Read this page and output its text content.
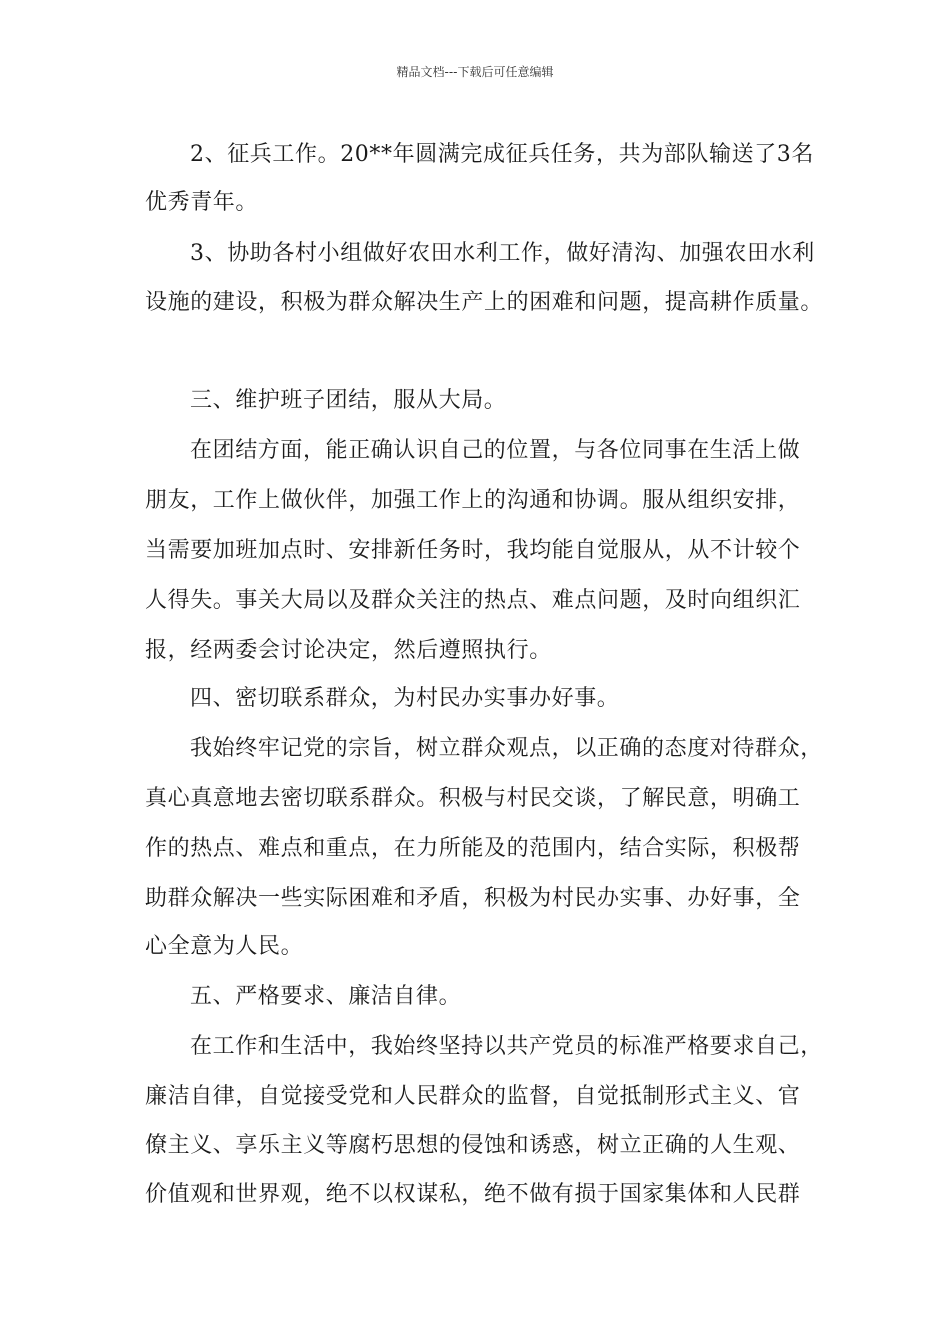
精品文档---下载后可任意编辑
2、征兵工作。20**年圆满完成征兵任务，共为部队输送了3名
优秀青年。
3、协助各村小组做好农田水利工作，做好清沟、加强农田水利
设施的建设，积极为群众解决生产上的困难和问题，提高耕作质量。
三、维护班子团结，服从大局。
在团结方面，能正确认识自己的位置，与各位同事在生活上做
朋友，工作上做伙伴，加强工作上的沟通和协调。服从组织安排，
当需要加班加点时、安排新任务时，我均能自觉服从，从不计较个
人得失。事关大局以及群众关注的热点、难点问题，及时向组织汇
报，经两委会讨论决定，然后遵照执行。
四、密切联系群众，为村民办实事办好事。
我始终牢记党的宗旨，树立群众观点，以正确的态度对待群众，
真心真意地去密切联系群众。积极与村民交谈，了解民意，明确工
作的热点、难点和重点，在力所能及的范围内，结合实际，积极帮
助群众解决一些实际困难和矛盾，积极为村民办实事、办好事，全
心全意为人民。
五、严格要求、廉洁自律。
在工作和生活中，我始终坚持以共产党员的标准严格要求自己，
廉洁自律，自觉接受党和人民群众的监督，自觉抵制形式主义、官
僚主义、享乐主义等腐朽思想的侵蚀和诱惑，树立正确的人生观、
价值观和世界观，绝不以权谋私，绝不做有损于国家集体和人民群
